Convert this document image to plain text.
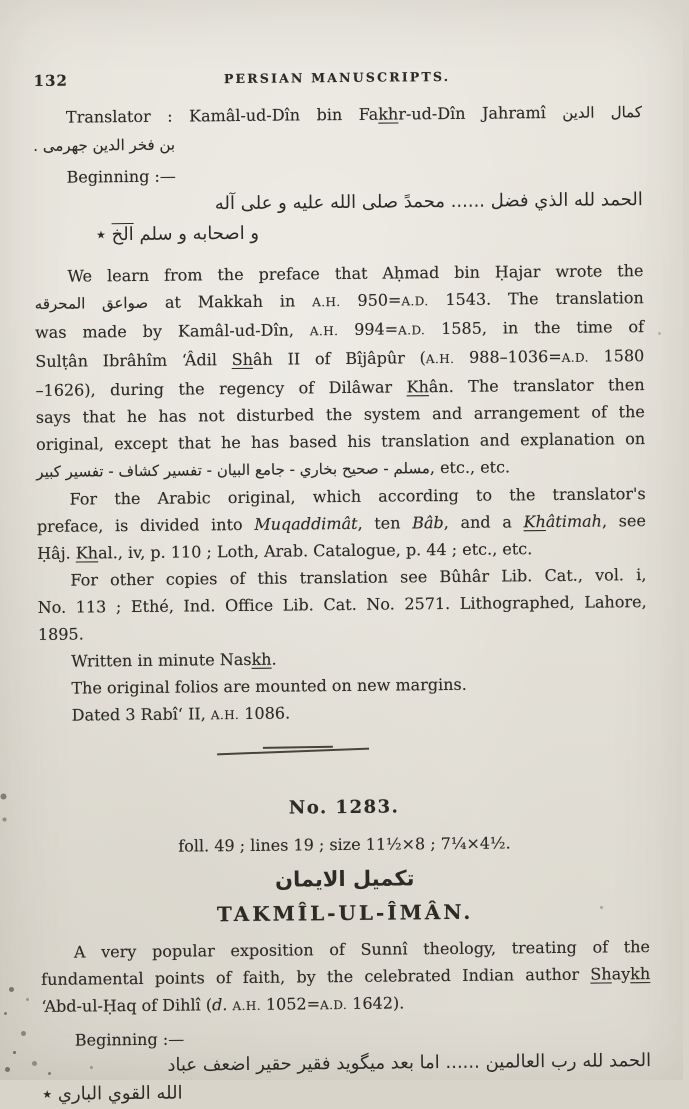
132	PERSIAN MANUSCRIPTS.
Translator : Kamâl-ud-Dîn bin Fakhr-ud-Dîn Jahramî كمال الدين
بن فخر الدين جهرمى .
Beginning :—
الحمد لله الذي فضل ...... محمدً صلى الله عليه و على آله
و اصحابه و سلم الخ ٭
We learn from the preface that Aḥmad bin Ḥajar wrote the
صواعق المحرقه at Makkah in A.H. 950=A.D. 1543. The translation
was made by Kamâl-ud-Dîn, A.H. 994=A.D. 1585, in the time of
Sulṭân Ibrâhîm ʻÂdil Shâh II of Bîjâpûr (A.H. 988–1036=A.D. 1580
–1626), during the regency of Dilâwar Khân. The translator then
says that he has not disturbed the system and arrangement of the
original, except that he has based his translation and explanation on
مسلم - صحيح بخاري - جامع البيان - تفسير كشاف - تفسير كبير, etc., etc.
For the Arabic original, which according to the translator's
preface, is divided into Muqaddimât, ten Bâb, and a Khâtimah, see
Ḥâj. Khal., iv, p. 110 ; Loth, Arab. Catalogue, p. 44 ; etc., etc.
For other copies of this translation see Bûhâr Lib. Cat., vol. i,
No. 113 ; Ethé, Ind. Office Lib. Cat. No. 2571. Lithographed, Lahore,
1895.
Written in minute Naskh.
The original folios are mounted on new margins.
Dated 3 Rabîʻ II, A.H. 1086.
No. 1283.
foll. 49 ; lines 19 ; size 11½×8 ; 7¼×4½.
تكميل الايمان
TAKMÎL-UL-ÎMÂN.
A very popular exposition of Sunnî theology, treating of the
fundamental points of faith, by the celebrated Indian author Shaykh
ʻAbd-ul-Ḥaq of Dihlî (d. A.H. 1052=A.D. 1642).
Beginning :—
الحمد لله رب العالمين ...... اما بعد ميگويد فقير حقير اضعف عباد
الله القوي الباري ٭
